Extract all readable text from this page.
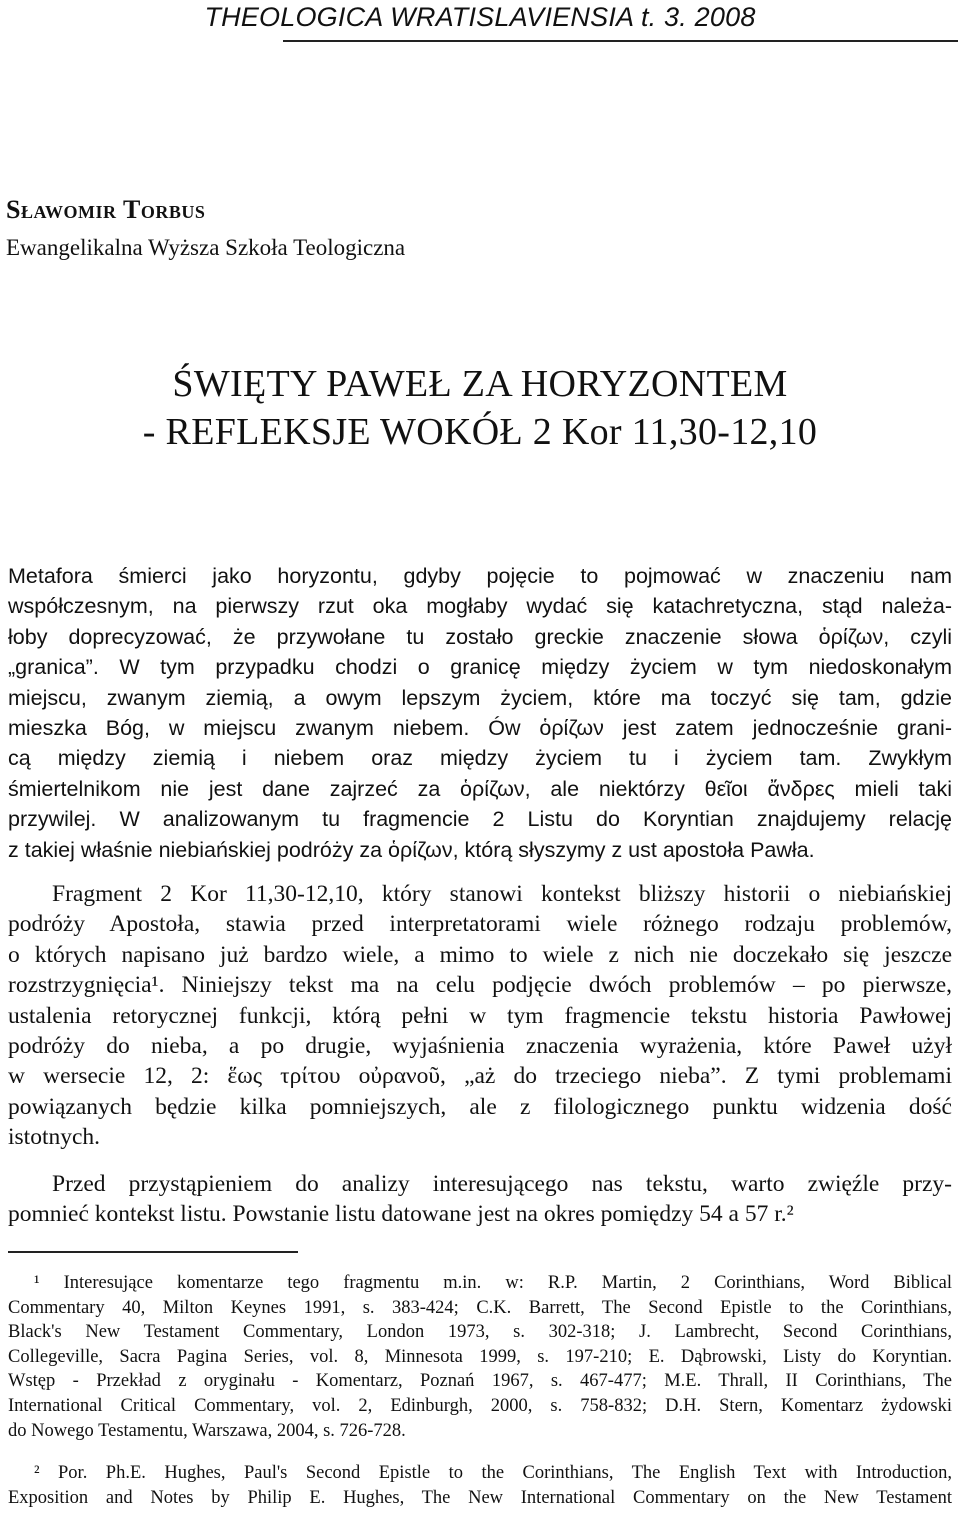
THEOLOGICA WRATISLAVIENSIA t. 3. 2008
Sławomir Torbus
Ewangelikalna Wyższa Szkoła Teologiczna
ŚWIĘTY PAWEŁ ZA HORYZONTEM
- REFLEKSJE WOKÓŁ 2 Kor 11,30-12,10
Metafora śmierci jako horyzontu, gdyby pojęcie to pojmować w znaczeniu nam
współczesnym, na pierwszy rzut oka mogłaby wydać się katachretyczna, stąd należa-
łoby doprecyzować, że przywołane tu zostało greckie znaczenie słowa ὁρίζων, czyli
„granica”. W tym przypadku chodzi o granicę między życiem w tym niedoskonałym
miejscu, zwanym ziemią, a owym lepszym życiem, które ma toczyć się tam, gdzie
mieszka Bóg, w miejscu zwanym niebem. Ów ὁρίζων jest zatem jednocześnie grani-
cą między ziemią i niebem oraz między życiem tu i życiem tam. Zwykłym
śmiertelnikom nie jest dane zajrzeć za ὁρίζων, ale niektórzy θεῖοι ἄνδρες mieli taki
przywilej. W analizowanym tu fragmencie 2 Listu do Koryntian znajdujemy relację
z takiej właśnie niebiańskiej podróży za ὁρίζων, którą słyszymy z ust apostoła Pawła.
Fragment 2 Kor 11,30-12,10, który stanowi kontekst bliższy historii o niebiańskiej
podróży Apostoła, stawia przed interpretatorami wiele różnego rodzaju problemów,
o których napisano już bardzo wiele, a mimo to wiele z nich nie doczekało się jeszcze
rozstrzygnięcia¹. Niniejszy tekst ma na celu podjęcie dwóch problemów – po pierwsze,
ustalenia retorycznej funkcji, którą pełni w tym fragmencie tekstu historia Pawłowej
podróży do nieba, a po drugie, wyjaśnienia znaczenia wyrażenia, które Paweł użył
w wersecie 12, 2: ἕως τρίτου οὐρανοῦ, „aż do trzeciego nieba”. Z tymi problemami
powiązanych będzie kilka pomniejszych, ale z filologicznego punktu widzenia dość
istotnych.
Przed przystąpieniem do analizy interesującego nas tekstu, warto zwięźle przy-
pomnieć kontekst listu. Powstanie listu datowane jest na okres pomiędzy 54 a 57 r.²
¹ Interesujące komentarze tego fragmentu m.in. w: R.P. Martin, 2 Corinthians, Word Biblical
Commentary 40, Milton Keynes 1991, s. 383-424; C.K. Barrett, The Second Epistle to the Corinthians,
Black's New Testament Commentary, London 1973, s. 302-318; J. Lambrecht, Second Corinthians,
Collegeville, Sacra Pagina Series, vol. 8, Minnesota 1999, s. 197-210; E. Dąbrowski, Listy do Koryntian.
Wstęp - Przekład z oryginału - Komentarz, Poznań 1967, s. 467-477; M.E. Thrall, II Corinthians, The
International Critical Commentary, vol. 2, Edinburgh, 2000, s. 758-832; D.H. Stern, Komentarz żydowski
do Nowego Testamentu, Warszawa, 2004, s. 726-728.
² Por. Ph.E. Hughes, Paul's Second Epistle to the Corinthians, The English Text with Introduction,
Exposition and Notes by Philip E. Hughes, The New International Commentary on the New Testament
